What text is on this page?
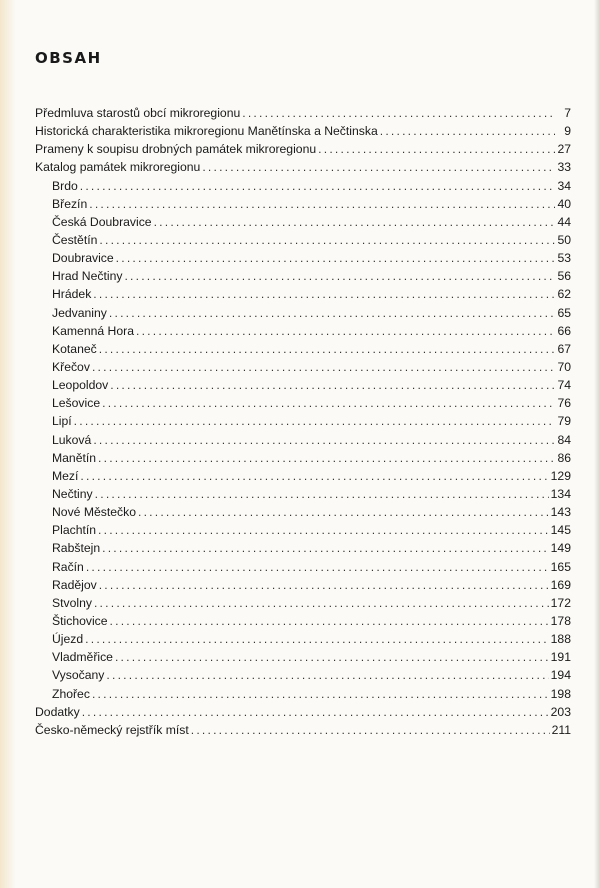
OBSAH
Předmluva starostů obcí mikroregionu .....	7
Historická charakteristika mikroregionu Manětínska a Nečtinska .....	9
Prameny k soupisu drobných památek mikroregionu .....	27
Katalog památek mikroregionu .....	33
Brdo .....	34
Březín .....	40
Česká Doubravice .....	44
Čestětín .....	50
Doubravice .....	53
Hrad Nečtiny .....	56
Hrádek .....	62
Jedvaniny .....	65
Kamenná Hora .....	66
Kotaneč .....	67
Křečov .....	70
Leopoldov .....	74
Lešovice .....	76
Lipí .....	79
Luková .....	84
Manětín .....	86
Mezí .....	129
Nečtiny .....	134
Nové Městečko .....	143
Plachtín .....	145
Rabštejn .....	149
Račín .....	165
Radějov .....	169
Stvolny .....	172
Štichovice .....	178
Újezd .....	188
Vladměřice .....	191
Vysočany .....	194
Zhořec .....	198
Dodatky .....	203
Česko-německý rejstřík míst .....	211
